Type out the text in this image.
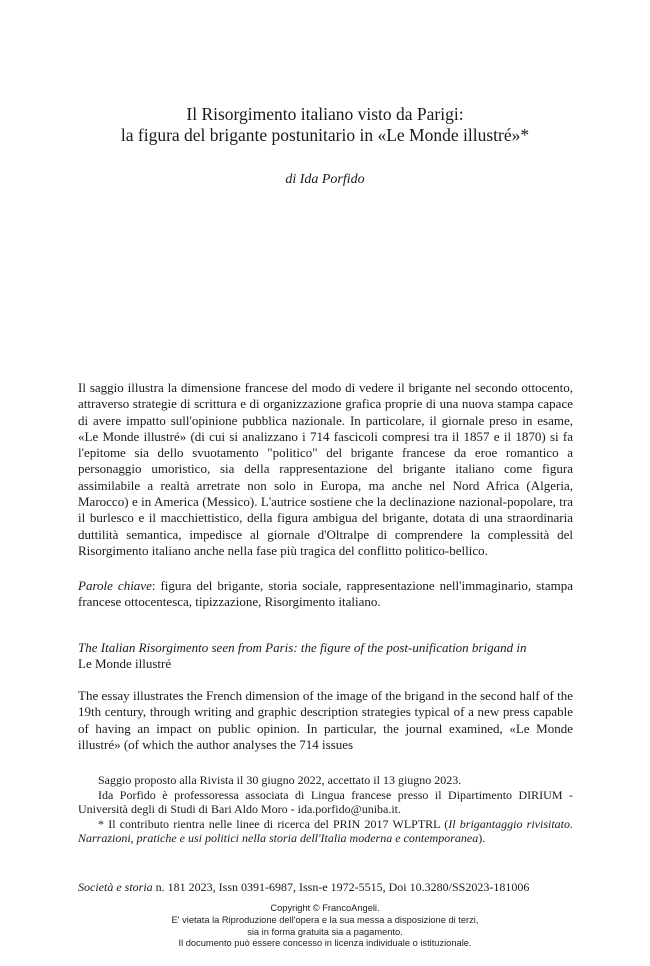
Il Risorgimento italiano visto da Parigi:
la figura del brigante postunitario in «Le Monde illustré»*
di Ida Porfido

Il saggio illustra la dimensione francese del modo di vedere il brigante nel secondo ottocento, attraverso strategie di scrittura e di organizzazione grafica proprie di una nuova stampa capace di avere impatto sull'opinione pubblica nazionale. In particolare, il giornale preso in esame, «Le Monde illustré» (di cui si analizzano i 714 fascicoli compresi tra il 1857 e il 1870) si fa l'epitome sia dello svuotamento "politico" del brigante francese da eroe romantico a personaggio umoristico, sia della rappresentazione del brigante italiano come figura assimilabile a realtà arretrate non solo in Europa, ma anche nel Nord Africa (Algeria, Marocco) e in America (Messico). L'autrice sostiene che la declinazione nazional-popolare, tra il burlesco e il macchiettistico, della figura ambigua del brigante, dotata di una straordinaria duttilità semantica, impedisce al giornale d'Oltralpe di comprendere la complessità del Risorgimento italiano anche nella fase più tragica del conflitto politico-bellico.

Parole chiave: figura del brigante, storia sociale, rappresentazione nell'immaginario, stampa francese ottocentesca, tipizzazione, Risorgimento italiano.

The Italian Risorgimento seen from Paris: the figure of the post-unification brigand in
Le Monde illustré

The essay illustrates the French dimension of the image of the brigand in the second half of the 19th century, through writing and graphic description strategies typical of a new press capable of having an impact on public opinion. In particular, the journal examined, «Le Monde illustré» (of which the author analyses the 714 issues

Saggio proposto alla Rivista il 30 giugno 2022, accettato il 13 giugno 2023.

Ida Porfido è professoressa associata di Lingua francese presso il Dipartimento DIRIUM - Università degli di Studi di Bari Aldo Moro - ida.porfido@uniba.it.

* Il contributo rientra nelle linee di ricerca del PRIN 2017 WLPTRL (Il brigantaggio rivisitato. Narrazioni, pratiche e usi politici nella storia dell'Italia moderna e contemporanea).

Società e storia n. 181 2023, Issn 0391-6987, Issn-e 1972-5515, Doi 10.3280/SS2023-181006
Copyright © FrancoAngeli.
E' vietata la Riproduzione dell'opera e la sua messa a disposizione di terzi,
sia in forma gratuita sia a pagamento.
Il documento può essere concesso in licenza individuale o istituzionale.
